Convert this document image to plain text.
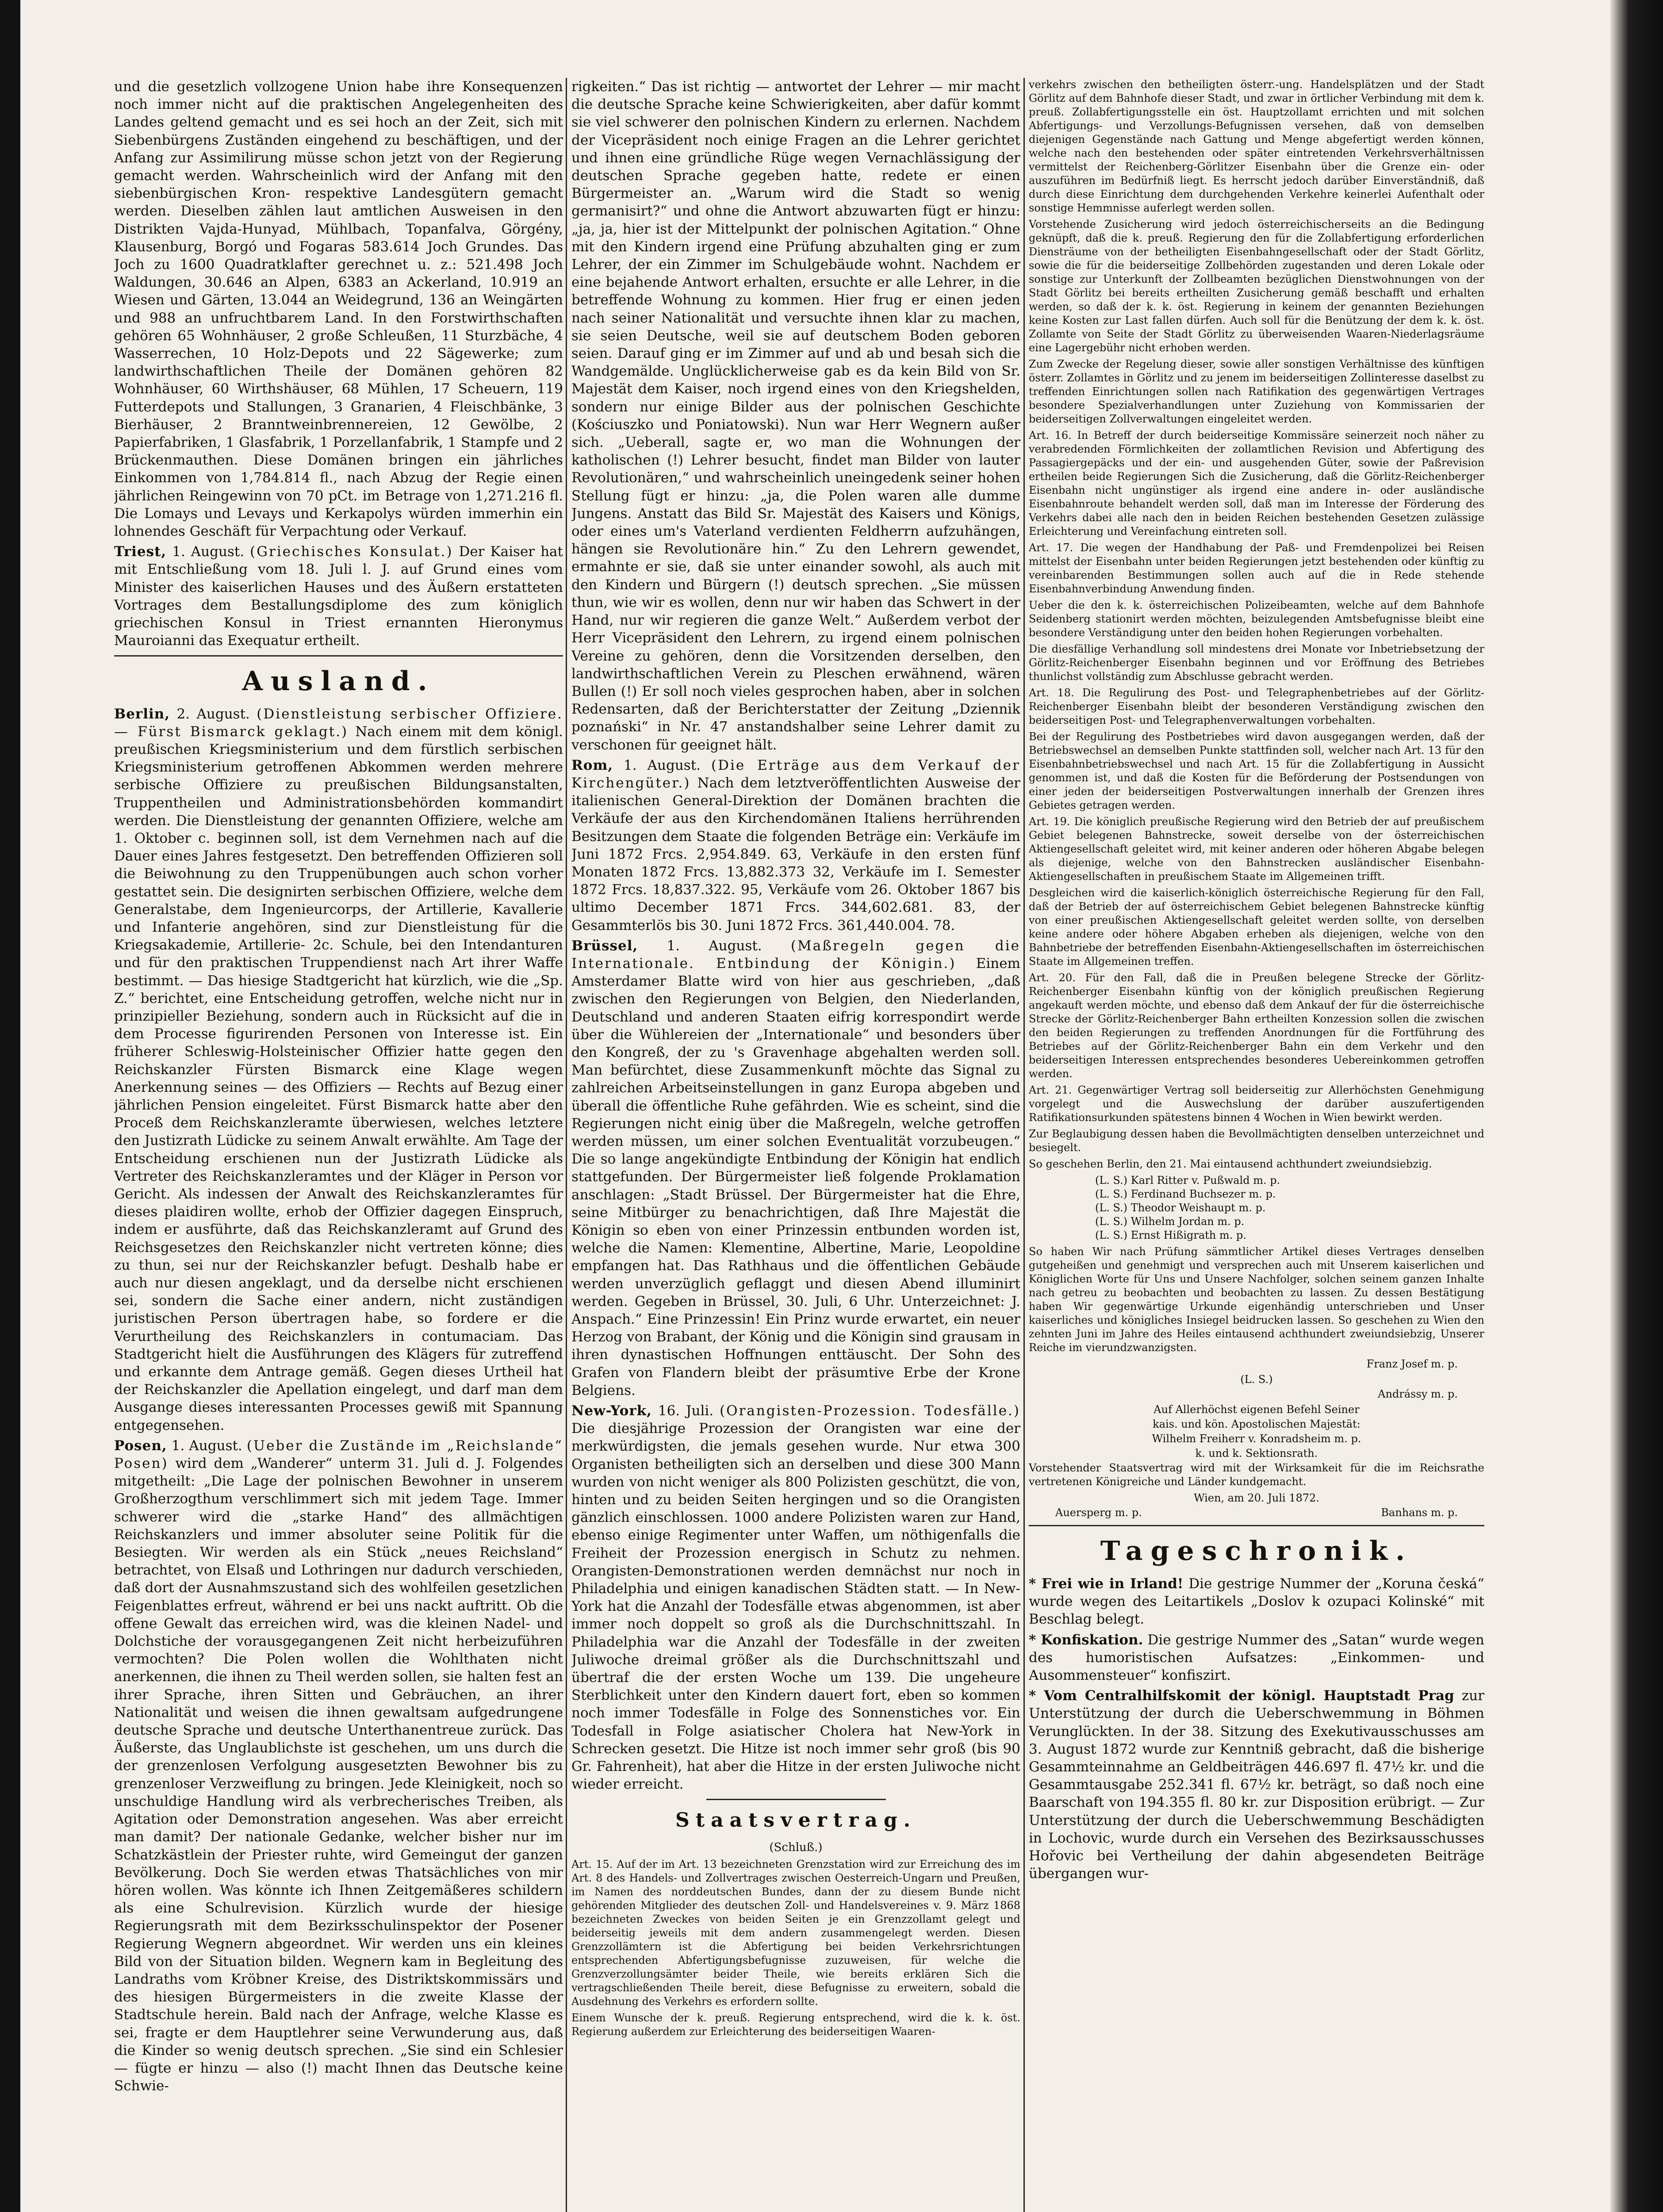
und die gesetzlich vollzogene Union habe ihre Konsequenzen noch immer nicht auf die praktischen Angelegenheiten des Landes geltend gemacht und es sei hoch an der Zeit, sich mit Siebenbürgens Zuständen eingehend zu beschäftigen, und der Anfang zur Assimilirung müsse schon jetzt von der Regierung gemacht werden. Wahrscheinlich wird der Anfang mit den siebenbürgischen Kron- respektive Landesgütern gemacht werden. Dieselben zählen laut amtlichen Ausweisen in den Distrikten Vajda-Hunyad, Mühlbach, Topanfalva, Görgény, Klausenburg, Borgó und Fogaras 583.614 Joch Grundes. Das Joch zu 1600 Quadratklafter gerechnet u. z.: 521.498 Joch Waldungen, 30.646 an Alpen, 6383 an Ackerland, 10.919 an Wiesen und Gärten, 13.044 an Weidegrund, 136 an Weingärten und 988 an unfruchtbarem Land. In den Forstwirthschaften gehören 65 Wohnhäuser, 2 große Schleußen, 11 Sturzbäche, 4 Wasserrechen, 10 Holz-Depots und 22 Sägewerke; zum landwirthschaftlichen Theile der Domänen gehören 82 Wohnhäuser, 60 Wirthshäuser, 68 Mühlen, 17 Scheuern, 119 Futterdepots und Stallungen, 3 Granarien, 4 Fleischbänke, 3 Bierhäuser, 2 Branntweinbrennereien, 12 Gewölbe, 2 Papierfabriken, 1 Glasfabrik, 1 Porzellanfabrik, 1 Stampfe und 2 Brückenmauthen. Diese Domänen bringen ein jährliches Einkommen von 1,784.814 fl., nach Abzug der Regie einen jährlichen Reingewinn von 70 pCt. im Betrage von 1,271.216 fl. Die Lomays und Levays und Kerkapolys würden immerhin ein lohnendes Geschäft für Verpachtung oder Verkauf.

Triest, 1. August. (Griechisches Konsulat.) Der Kaiser hat mit Entschließung vom 18. Juli l. J. auf Grund eines vom Minister des kaiserlichen Hauses und des Äußern erstatteten Vortrages dem Bestallungsdiplome des zum königlich griechischen Konsul in Triest ernannten Hieronymus Mauroianni das Exequatur ertheilt.

Ausland.

Berlin, 2. August. (Dienstleistung serbischer Offiziere. — Fürst Bismarck geklagt.) Nach einem mit dem königl. preußischen Kriegsministerium und dem fürstlich serbischen Kriegsministerium getroffenen Abkommen werden mehrere serbische Offiziere zu preußischen Bildungsanstalten, Truppentheilen und Administrationsbehörden kommandirt werden. Die Dienstleistung der genannten Offiziere, welche am 1. Oktober c. beginnen soll, ist dem Vernehmen nach auf die Dauer eines Jahres festgesetzt. Den betreffenden Offizieren soll die Beiwohnung zu den Truppenübungen auch schon vorher gestattet sein. Die designirten serbischen Offiziere, welche dem Generalstabe, dem Ingenieurcorps, der Artillerie, Kavallerie und Infanterie angehören, sind zur Dienstleistung für die Kriegsakademie, Artillerie- 2c. Schule, bei den Intendanturen und für den praktischen Truppendienst nach Art ihrer Waffe bestimmt. — Das hiesige Stadtgericht hat kürzlich, wie die „Sp. Z.“ berichtet, eine Entscheidung getroffen, welche nicht nur in prinzipieller Beziehung, sondern auch in Rücksicht auf die in dem Processe figurirenden Personen von Interesse ist. Ein früherer Schleswig-Holsteinischer Offizier hatte gegen den Reichskanzler Fürsten Bismarck eine Klage wegen Anerkennung seines — des Offiziers — Rechts auf Bezug einer jährlichen Pension eingeleitet. Fürst Bismarck hatte aber den Proceß dem Reichskanzleramte überwiesen, welches letztere den Justizrath Lüdicke zu seinem Anwalt erwählte. Am Tage der Entscheidung erschienen nun der Justizrath Lüdicke als Vertreter des Reichskanzleramtes und der Kläger in Person vor Gericht. Als indessen der Anwalt des Reichskanzleramtes für dieses plaidiren wollte, erhob der Offizier dagegen Einspruch, indem er ausführte, daß das Reichskanzleramt auf Grund des Reichsgesetzes den Reichskanzler nicht vertreten könne; dies zu thun, sei nur der Reichskanzler befugt. Deshalb habe er auch nur diesen angeklagt, und da derselbe nicht erschienen sei, sondern die Sache einer andern, nicht zuständigen juristischen Person übertragen habe, so fordere er die Verurtheilung des Reichskanzlers in contumaciam. Das Stadtgericht hielt die Ausführungen des Klägers für zutreffend und erkannte dem Antrage gemäß. Gegen dieses Urtheil hat der Reichskanzler die Apellation eingelegt, und darf man dem Ausgange dieses interessanten Processes gewiß mit Spannung entgegensehen.

Posen, 1. August. (Ueber die Zustände im „Reichslande“ Posen) wird dem „Wanderer“ unterm 31. Juli d. J. Folgendes mitgetheilt: „Die Lage der polnischen Bewohner in unserem Großherzogthum verschlimmert sich mit jedem Tage. Immer schwerer wird die „starke Hand“ des allmächtigen Reichskanzlers und immer absoluter seine Politik für die Besiegten. Wir werden als ein Stück „neues Reichsland“ betrachtet, von Elsaß und Lothringen nur dadurch verschieden, daß dort der Ausnahmszustand sich des wohlfeilen gesetzlichen Feigenblattes erfreut, während er bei uns nackt auftritt. Ob die offene Gewalt das erreichen wird, was die kleinen Nadel- und Dolchstiche der vorausgegangenen Zeit nicht herbeizuführen vermochten? Die Polen wollen die Wohlthaten nicht anerkennen, die ihnen zu Theil werden sollen, sie halten fest an ihrer Sprache, ihren Sitten und Gebräuchen, an ihrer Nationalität und weisen die ihnen gewaltsam aufgedrungene deutsche Sprache und deutsche Unterthanentreue zurück. Das Äußerste, das Unglaublichste ist geschehen, um uns durch die der grenzenlosen Verfolgung ausgesetzten Bewohner bis zu grenzenloser Verzweiflung zu bringen. Jede Kleinigkeit, noch so unschuldige Handlung wird als verbrecherisches Treiben, als Agitation oder Demonstration angesehen. Was aber erreicht man damit? Der nationale Gedanke, welcher bisher nur im Schatzkästlein der Priester ruhte, wird Gemeingut der ganzen Bevölkerung. Doch Sie werden etwas Thatsächliches von mir hören wollen. Was könnte ich Ihnen Zeitgemäßeres schildern als eine Schulrevision. Kürzlich wurde der hiesige Regierungsrath mit dem Bezirksschulinspektor der Posener Regierung Wegnern abgeordnet. Wir werden uns ein kleines Bild von der Situation bilden. Wegnern kam in Begleitung des Landraths vom Kröbner Kreise, des Distriktskommissärs und des hiesigen Bürgermeisters in die zweite Klasse der Stadtschule herein. Bald nach der Anfrage, welche Klasse es sei, fragte er dem Hauptlehrer seine Verwunderung aus, daß die Kinder so wenig deutsch sprechen. „Sie sind ein Schlesier — fügte er hinzu — also (!) macht Ihnen das Deutsche keine Schwie-

rigkeiten.“ Das ist richtig — antwortet der Lehrer — mir macht die deutsche Sprache keine Schwierigkeiten, aber dafür kommt sie viel schwerer den polnischen Kindern zu erlernen. Nachdem der Vicepräsident noch einige Fragen an die Lehrer gerichtet und ihnen eine gründliche Rüge wegen Vernachlässigung der deutschen Sprache gegeben hatte, redete er einen Bürgermeister an. „Warum wird die Stadt so wenig germanisirt?“ und ohne die Antwort abzuwarten fügt er hinzu: „ja, ja, hier ist der Mittelpunkt der polnischen Agitation.“ Ohne mit den Kindern irgend eine Prüfung abzuhalten ging er zum Lehrer, der ein Zimmer im Schulgebäude wohnt. Nachdem er eine bejahende Antwort erhalten, ersuchte er alle Lehrer, in die betreffende Wohnung zu kommen. Hier frug er einen jeden nach seiner Nationalität und versuchte ihnen klar zu machen, sie seien Deutsche, weil sie auf deutschem Boden geboren seien. Darauf ging er im Zimmer auf und ab und besah sich die Wandgemälde. Unglücklicherweise gab es da kein Bild von Sr. Majestät dem Kaiser, noch irgend eines von den Kriegshelden, sondern nur einige Bilder aus der polnischen Geschichte (Kościuszko und Poniatowski). Nun war Herr Wegnern außer sich. „Ueberall, sagte er, wo man die Wohnungen der katholischen (!) Lehrer besucht, findet man Bilder von lauter Revolutionären,“ und wahrscheinlich uneingedenk seiner hohen Stellung fügt er hinzu: „ja, die Polen waren alle dumme Jungens. Anstatt das Bild Sr. Majestät des Kaisers und Königs, oder eines um's Vaterland verdienten Feldherrn aufzuhängen, hängen sie Revolutionäre hin.“ Zu den Lehrern gewendet, ermahnte er sie, daß sie unter einander sowohl, als auch mit den Kindern und Bürgern (!) deutsch sprechen. „Sie müssen thun, wie wir es wollen, denn nur wir haben das Schwert in der Hand, nur wir regieren die ganze Welt.“ Außerdem verbot der Herr Vicepräsident den Lehrern, zu irgend einem polnischen Vereine zu gehören, denn die Vorsitzenden derselben, den landwirthschaftlichen Verein zu Pleschen erwähnend, wären Bullen (!) Er soll noch vieles gesprochen haben, aber in solchen Redensarten, daß der Berichterstatter der Zeitung „Dziennik poznański“ in Nr. 47 anstandshalber seine Lehrer damit zu verschonen für geeignet hält.

Rom, 1. August. (Die Erträge aus dem Verkauf der Kirchengüter.) Nach dem letztveröffentlichten Ausweise der italienischen General-Direktion der Domänen brachten die Verkäufe der aus den Kirchendomänen Italiens herrührenden Besitzungen dem Staate die folgenden Beträge ein: Verkäufe im Juni 1872 Frcs. 2,954.849. 63, Verkäufe in den ersten fünf Monaten 1872 Frcs. 13,882.373 32, Verkäufe im I. Semester 1872 Frcs. 18,837.322. 95, Verkäufe vom 26. Oktober 1867 bis ultimo December 1871 Frcs. 344,602.681. 83, der Gesammterlös bis 30. Juni 1872 Frcs. 361,440.004. 78.

Brüssel, 1. August. (Maßregeln gegen die Internationale. Entbindung der Königin.) Einem Amsterdamer Blatte wird von hier aus geschrieben, „daß zwischen den Regierungen von Belgien, den Niederlanden, Deutschland und anderen Staaten eifrig korrespondirt werde über die Wühlereien der „Internationale“ und besonders über den Kongreß, der zu 's Gravenhage abgehalten werden soll. Man befürchtet, diese Zusammenkunft möchte das Signal zu zahlreichen Arbeitseinstellungen in ganz Europa abgeben und überall die öffentliche Ruhe gefährden. Wie es scheint, sind die Regierungen nicht einig über die Maßregeln, welche getroffen werden müssen, um einer solchen Eventualität vorzubeugen.“ Die so lange angekündigte Entbindung der Königin hat endlich stattgefunden. Der Bürgermeister ließ folgende Proklamation anschlagen: „Stadt Brüssel. Der Bürgermeister hat die Ehre, seine Mitbürger zu benachrichtigen, daß Ihre Majestät die Königin so eben von einer Prinzessin entbunden worden ist, welche die Namen: Klementine, Albertine, Marie, Leopoldine empfangen hat. Das Rathhaus und die öffentlichen Gebäude werden unverzüglich geflaggt und diesen Abend illuminirt werden. Gegeben in Brüssel, 30. Juli, 6 Uhr. Unterzeichnet: J. Anspach.“ Eine Prinzessin! Ein Prinz wurde erwartet, ein neuer Herzog von Brabant, der König und die Königin sind grausam in ihren dynastischen Hoffnungen enttäuscht. Der Sohn des Grafen von Flandern bleibt der präsumtive Erbe der Krone Belgiens.

New-York, 16. Juli. (Orangisten-Prozession. Todesfälle.) Die diesjährige Prozession der Orangisten war eine der merkwürdigsten, die jemals gesehen wurde. Nur etwa 300 Organisten betheiligten sich an derselben und diese 300 Mann wurden von nicht weniger als 800 Polizisten geschützt, die von, hinten und zu beiden Seiten hergingen und so die Orangisten gänzlich einschlossen. 1000 andere Polizisten waren zur Hand, ebenso einige Regimenter unter Waffen, um nöthigenfalls die Freiheit der Prozession energisch in Schutz zu nehmen. Orangisten-Demonstrationen werden demnächst nur noch in Philadelphia und einigen kanadischen Städten statt. — In New-York hat die Anzahl der Todesfälle etwas abgenommen, ist aber immer noch doppelt so groß als die Durchschnittszahl. In Philadelphia war die Anzahl der Todesfälle in der zweiten Juliwoche dreimal größer als die Durchschnittszahl und übertraf die der ersten Woche um 139. Die ungeheure Sterblichkeit unter den Kindern dauert fort, eben so kommen noch immer Todesfälle in Folge des Sonnenstiches vor. Ein Todesfall in Folge asiatischer Cholera hat New-York in Schrecken gesetzt. Die Hitze ist noch immer sehr groß (bis 90 Gr. Fahrenheit), hat aber die Hitze in der ersten Juliwoche nicht wieder erreicht.

Staatsvertrag.
(Schluß.)

Art. 15. Auf der im Art. 13 bezeichneten Grenzstation wird zur Erreichung des im Art. 8 des Handels- und Zollvertrages zwischen Oesterreich-Ungarn und Preußen, im Namen des norddeutschen Bundes, dann der zu diesem Bunde nicht gehörenden Mitglieder des deutschen Zoll- und Handelsvereines v. 9. März 1868 bezeichneten Zweckes von beiden Seiten je ein Grenzzollamt gelegt und beiderseitig jeweils mit dem andern zusammengelegt werden. Diesen Grenzzollämtern ist die Abfertigung bei beiden Verkehrsrichtungen entsprechenden Abfertigungsbefugnisse zuzuweisen, für welche die Grenzverzollungsämter beider Theile, wie bereits erklären Sich die vertragschließenden Theile bereit, diese Befugnisse zu erweitern, sobald die Ausdehnung des Verkehrs es erfordern sollte.

Einem Wunsche der k. preuß. Regierung entsprechend, wird die k. k. öst. Regierung außerdem zur Erleichterung des beiderseitigen Waaren-

verkehrs zwischen den betheiligten österr.-ung. Handelsplätzen und der Stadt Görlitz auf dem Bahnhofe dieser Stadt, und zwar in örtlicher Verbindung mit dem k. preuß. Zollabfertigungsstelle ein öst. Hauptzollamt errichten und mit solchen Abfertigungs- und Verzollungs-Befugnissen versehen, daß von demselben diejenigen Gegenstände nach Gattung und Menge abgefertigt werden können, welche nach den bestehenden oder später eintretenden Verkehrsverhältnissen vermittelst der Reichenberg-Görlitzer Eisenbahn über die Grenze ein- oder auszuführen im Bedürfniß liegt. Es herrscht jedoch darüber Einverständniß, daß durch diese Einrichtung dem durchgehenden Verkehre keinerlei Aufenthalt oder sonstige Hemmnisse auferlegt werden sollen.

Vorstehende Zusicherung wird jedoch österreichischerseits an die Bedingung geknüpft, daß die k. preuß. Regierung den für die Zollabfertigung erforderlichen Diensträume von der betheiligten Eisenbahngesellschaft oder der Stadt Görlitz, sowie die für die beiderseitige Zollbehörden zugestanden und deren Lokale oder sonstige zur Unterkunft der Zollbeamten bezüglichen Dienstwohnungen von der Stadt Görlitz bei bereits ertheilten Zusicherung gemäß beschafft und erhalten werden, so daß der k. k. öst. Regierung in keinem der genannten Beziehungen keine Kosten zur Last fallen dürfen. Auch soll für die Benützung der dem k. k. öst. Zollamte von Seite der Stadt Görlitz zu überweisenden Waaren-Niederlagsräume eine Lagergebühr nicht erhoben werden.

Zum Zwecke der Regelung dieser, sowie aller sonstigen Verhältnisse des künftigen österr. Zollamtes in Görlitz und zu jenem im beiderseitigen Zollinteresse daselbst zu treffenden Einrichtungen sollen nach Ratifikation des gegenwärtigen Vertrages besondere Spezialverhandlungen unter Zuziehung von Kommissarien der beiderseitigen Zollverwaltungen eingeleitet werden.

Art. 16. In Betreff der durch beiderseitige Kommissäre seinerzeit noch näher zu verabredenden Förmlichkeiten der zollamtlichen Revision und Abfertigung des Passagiergepäcks und der ein- und ausgehenden Güter, sowie der Paßrevision ertheilen beide Regierungen Sich die Zusicherung, daß die Görlitz-Reichenberger Eisenbahn nicht ungünstiger als irgend eine andere in- oder ausländische Eisenbahnroute behandelt werden soll, daß man im Interesse der Förderung des Verkehrs dabei alle nach den in beiden Reichen bestehenden Gesetzen zulässige Erleichterung und Vereinfachung eintreten soll.

Art. 17. Die wegen der Handhabung der Paß- und Fremdenpolizei bei Reisen mittelst der Eisenbahn unter beiden Regierungen jetzt bestehenden oder künftig zu vereinbarenden Bestimmungen sollen auch auf die in Rede stehende Eisenbahnverbindung Anwendung finden.

Ueber die den k. k. österreichischen Polizeibeamten, welche auf dem Bahnhofe Seidenberg stationirt werden möchten, beizulegenden Amtsbefugnisse bleibt eine besondere Verständigung unter den beiden hohen Regierungen vorbehalten.

Die diesfällige Verhandlung soll mindestens drei Monate vor Inbetriebsetzung der Görlitz-Reichenberger Eisenbahn beginnen und vor Eröffnung des Betriebes thunlichst vollständig zum Abschlusse gebracht werden.

Art. 18. Die Regulirung des Post- und Telegraphenbetriebes auf der Görlitz-Reichenberger Eisenbahn bleibt der besonderen Verständigung zwischen den beiderseitigen Post- und Telegraphenverwaltungen vorbehalten.

Bei der Regulirung des Postbetriebes wird davon ausgegangen werden, daß der Betriebswechsel an demselben Punkte stattfinden soll, welcher nach Art. 13 für den Eisenbahnbetriebswechsel und nach Art. 15 für die Zollabfertigung in Aussicht genommen ist, und daß die Kosten für die Beförderung der Postsendungen von einer jeden der beiderseitigen Postverwaltungen innerhalb der Grenzen ihres Gebietes getragen werden.

Art. 19. Die königlich preußische Regierung wird den Betrieb der auf preußischem Gebiet belegenen Bahnstrecke, soweit derselbe von der österreichischen Aktiengesellschaft geleitet wird, mit keiner anderen oder höheren Abgabe belegen als diejenige, welche von den Bahnstrecken ausländischer Eisenbahn-Aktiengesellschaften in preußischem Staate im Allgemeinen trifft.

Desgleichen wird die kaiserlich-königlich österreichische Regierung für den Fall, daß der Betrieb der auf österreichischem Gebiet belegenen Bahnstrecke künftig von einer preußischen Aktiengesellschaft geleitet werden sollte, von derselben keine andere oder höhere Abgaben erheben als diejenigen, welche von den Bahnbetriebe der betreffenden Eisenbahn-Aktiengesellschaften im österreichischen Staate im Allgemeinen treffen.

Art. 20. Für den Fall, daß die in Preußen belegene Strecke der Görlitz-Reichenberger Eisenbahn künftig von der königlich preußischen Regierung angekauft werden möchte, und ebenso daß dem Ankauf der für die österreichische Strecke der Görlitz-Reichenberger Bahn ertheilten Konzession sollen die zwischen den beiden Regierungen zu treffenden Anordnungen für die Fortführung des Betriebes auf der Görlitz-Reichenberger Bahn ein dem Verkehr und den beiderseitigen Interessen entsprechendes besonderes Uebereinkommen getroffen werden.

Art. 21. Gegenwärtiger Vertrag soll beiderseitig zur Allerhöchsten Genehmigung vorgelegt und die Auswechslung der darüber auszufertigenden Ratifikationsurkunden spätestens binnen 4 Wochen in Wien bewirkt werden.

Zur Beglaubigung dessen haben die Bevollmächtigten denselben unterzeichnet und besiegelt.

So geschehen Berlin, den 21. Mai eintausend achthundert zweiundsiebzig.

(L. S.) Karl Ritter v. Pußwald m. p.
(L. S.) Ferdinand Buchsezer m. p.
(L. S.) Theodor Weishaupt m. p.
(L. S.) Wilhelm Jordan m. p.
(L. S.) Ernst Hißigrath m. p.

So haben Wir nach Prüfung sämmtlicher Artikel dieses Vertrages denselben gutgeheißen und genehmigt und versprechen auch mit Unserem kaiserlichen und Königlichen Worte für Uns und Unsere Nachfolger, solchen seinem ganzen Inhalte nach getreu zu beobachten und beobachten zu lassen. Zu dessen Bestätigung haben Wir gegenwärtige Urkunde eigenhändig unterschrieben und Unser kaiserliches und königliches Insiegel beidrucken lassen. So geschehen zu Wien den zehnten Juni im Jahre des Heiles eintausend achthundert zweiundsiebzig, Unserer Reiche im vierundzwanzigsten.

Franz Josef m. p.
(L. S.)
Andrássy m. p.
Auf Allerhöchst eigenen Befehl Seiner
kais. und kön. Apostolischen Majestät:
Wilhelm Freiherr v. Konradsheim m. p.
k. und k. Sektionsrath.

Vorstehender Staatsvertrag wird mit der Wirksamkeit für die im Reichsrathe vertretenen Königreiche und Länder kundgemacht.

Wien, am 20. Juli 1872.
Auersperg m. p.	Banhans m. p.
Tageschronik.

* Frei wie in Irland! Die gestrige Nummer der „Koruna česká“ wurde wegen des Leitartikels „Doslov k ozupaci Kolinské“ mit Beschlag belegt.

* Konfiskation. Die gestrige Nummer des „Satan“ wurde wegen des humoristischen Aufsatzes: „Einkommen- und Ausommensteuer“ konfiszirt.

* Vom Centralhilfskomit der königl. Hauptstadt Prag zur Unterstützung der durch die Ueberschwemmung in Böhmen Verunglückten. In der 38. Sitzung des Exekutivausschusses am 3. August 1872 wurde zur Kenntniß gebracht, daß die bisherige Gesammteinnahme an Geldbeiträgen 446.697 fl. 47½ kr. und die Gesammtausgabe 252.341 fl. 67½ kr. beträgt, so daß noch eine Baarschaft von 194.355 fl. 80 kr. zur Disposition erübrigt. — Zur Unterstützung der durch die Ueberschwemmung Beschädigten in Lochovic, wurde durch ein Versehen des Bezirksausschusses Hořovic bei Vertheilung der dahin abgesendeten Beiträge übergangen wur-
